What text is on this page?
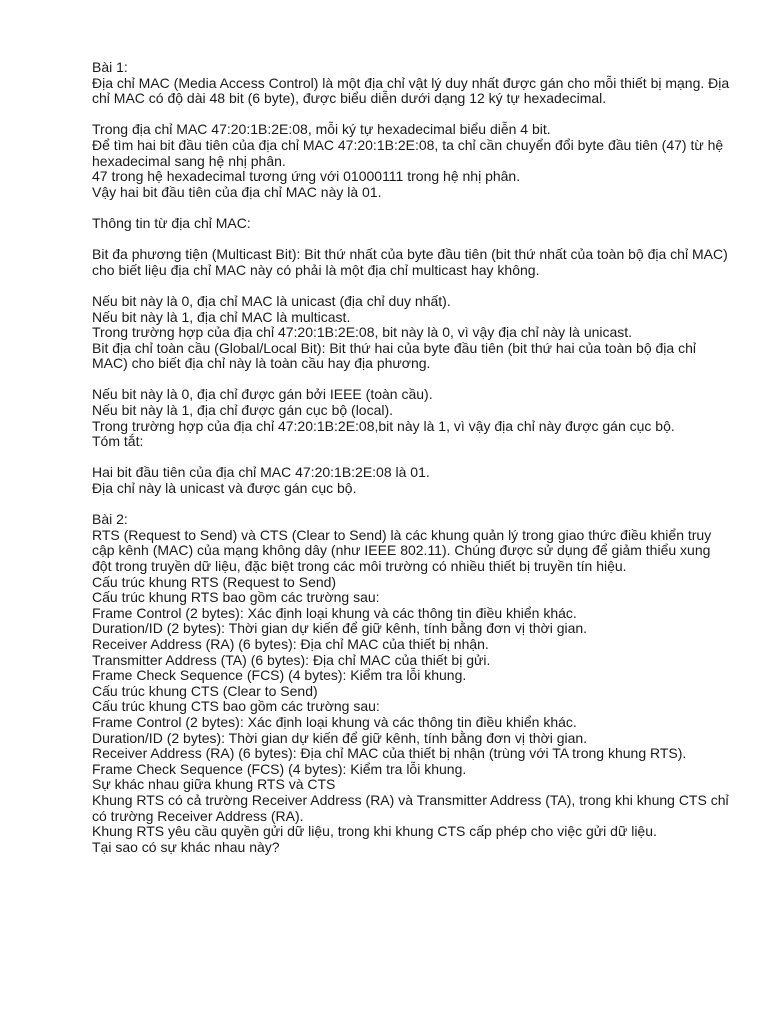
Bài 1:

Địa chỉ MAC (Media Access Control) là một địa chỉ vật lý duy nhất được gán cho mỗi thiết bị mạng. Địa chỉ MAC có độ dài 48 bit (6 byte), được biểu diễn dưới dạng 12 ký tự hexadecimal.

Trong địa chỉ MAC 47:20:1B:2E:08, mỗi ký tự hexadecimal biểu diễn 4 bit.

Để tìm hai bit đầu tiên của địa chỉ MAC 47:20:1B:2E:08, ta chỉ cần chuyển đổi byte đầu tiên (47) từ hệ hexadecimal sang hệ nhị phân.

47 trong hệ hexadecimal tương ứng với 01000111 trong hệ nhị phân.

Vậy hai bit đầu tiên của địa chỉ MAC này là 01.

Thông tin từ địa chỉ MAC:

Bit đa phương tiện (Multicast Bit): Bit thứ nhất của byte đầu tiên (bit thứ nhất của toàn bộ địa chỉ MAC) cho biết liệu địa chỉ MAC này có phải là một địa chỉ multicast hay không.

Nếu bit này là 0, địa chỉ MAC là unicast (địa chỉ duy nhất).

Nếu bit này là 1, địa chỉ MAC là multicast.

Trong trường hợp của địa chỉ 47:20:1B:2E:08, bit này là 0, vì vậy địa chỉ này là unicast.

Bit địa chỉ toàn cầu (Global/Local Bit): Bit thứ hai của byte đầu tiên (bit thứ hai của toàn bộ địa chỉ MAC) cho biết địa chỉ này là toàn cầu hay địa phương.

Nếu bit này là 0, địa chỉ được gán bởi IEEE (toàn cầu).

Nếu bit này là 1, địa chỉ được gán cục bộ (local).

Trong trường hợp của địa chỉ 47:20:1B:2E:08,bit này là 1, vì vậy địa chỉ này được gán cục bộ.

Tóm tắt:

Hai bit đầu tiên của địa chỉ MAC 47:20:1B:2E:08 là 01.

Địa chỉ này là unicast và được gán cục bộ.

Bài 2:

RTS (Request to Send) và CTS (Clear to Send) là các khung quản lý trong giao thức điều khiển truy cập kênh (MAC) của mạng không dây (như IEEE 802.11). Chúng được sử dụng để giảm thiểu xung đột trong truyền dữ liệu, đặc biệt trong các môi trường có nhiều thiết bị truyền tín hiệu.

Cấu trúc khung RTS (Request to Send)

Cấu trúc khung RTS bao gồm các trường sau:

Frame Control (2 bytes): Xác định loại khung và các thông tin điều khiển khác.

Duration/ID (2 bytes): Thời gian dự kiến để giữ kênh, tính bằng đơn vị thời gian.

Receiver Address (RA) (6 bytes): Địa chỉ MAC của thiết bị nhận.

Transmitter Address (TA) (6 bytes): Địa chỉ MAC của thiết bị gửi.

Frame Check Sequence (FCS) (4 bytes): Kiểm tra lỗi khung.

Cấu trúc khung CTS (Clear to Send)

Cấu trúc khung CTS bao gồm các trường sau:

Frame Control (2 bytes): Xác định loại khung và các thông tin điều khiển khác.

Duration/ID (2 bytes): Thời gian dự kiến để giữ kênh, tính bằng đơn vị thời gian.

Receiver Address (RA) (6 bytes): Địa chỉ MAC của thiết bị nhận (trùng với TA trong khung RTS).

Frame Check Sequence (FCS) (4 bytes): Kiểm tra lỗi khung.

Sự khác nhau giữa khung RTS và CTS

Khung RTS có cả trường Receiver Address (RA) và Transmitter Address (TA), trong khi khung CTS chỉ có trường Receiver Address (RA).

Khung RTS yêu cầu quyền gửi dữ liệu, trong khi khung CTS cấp phép cho việc gửi dữ liệu.

Tại sao có sự khác nhau này?
